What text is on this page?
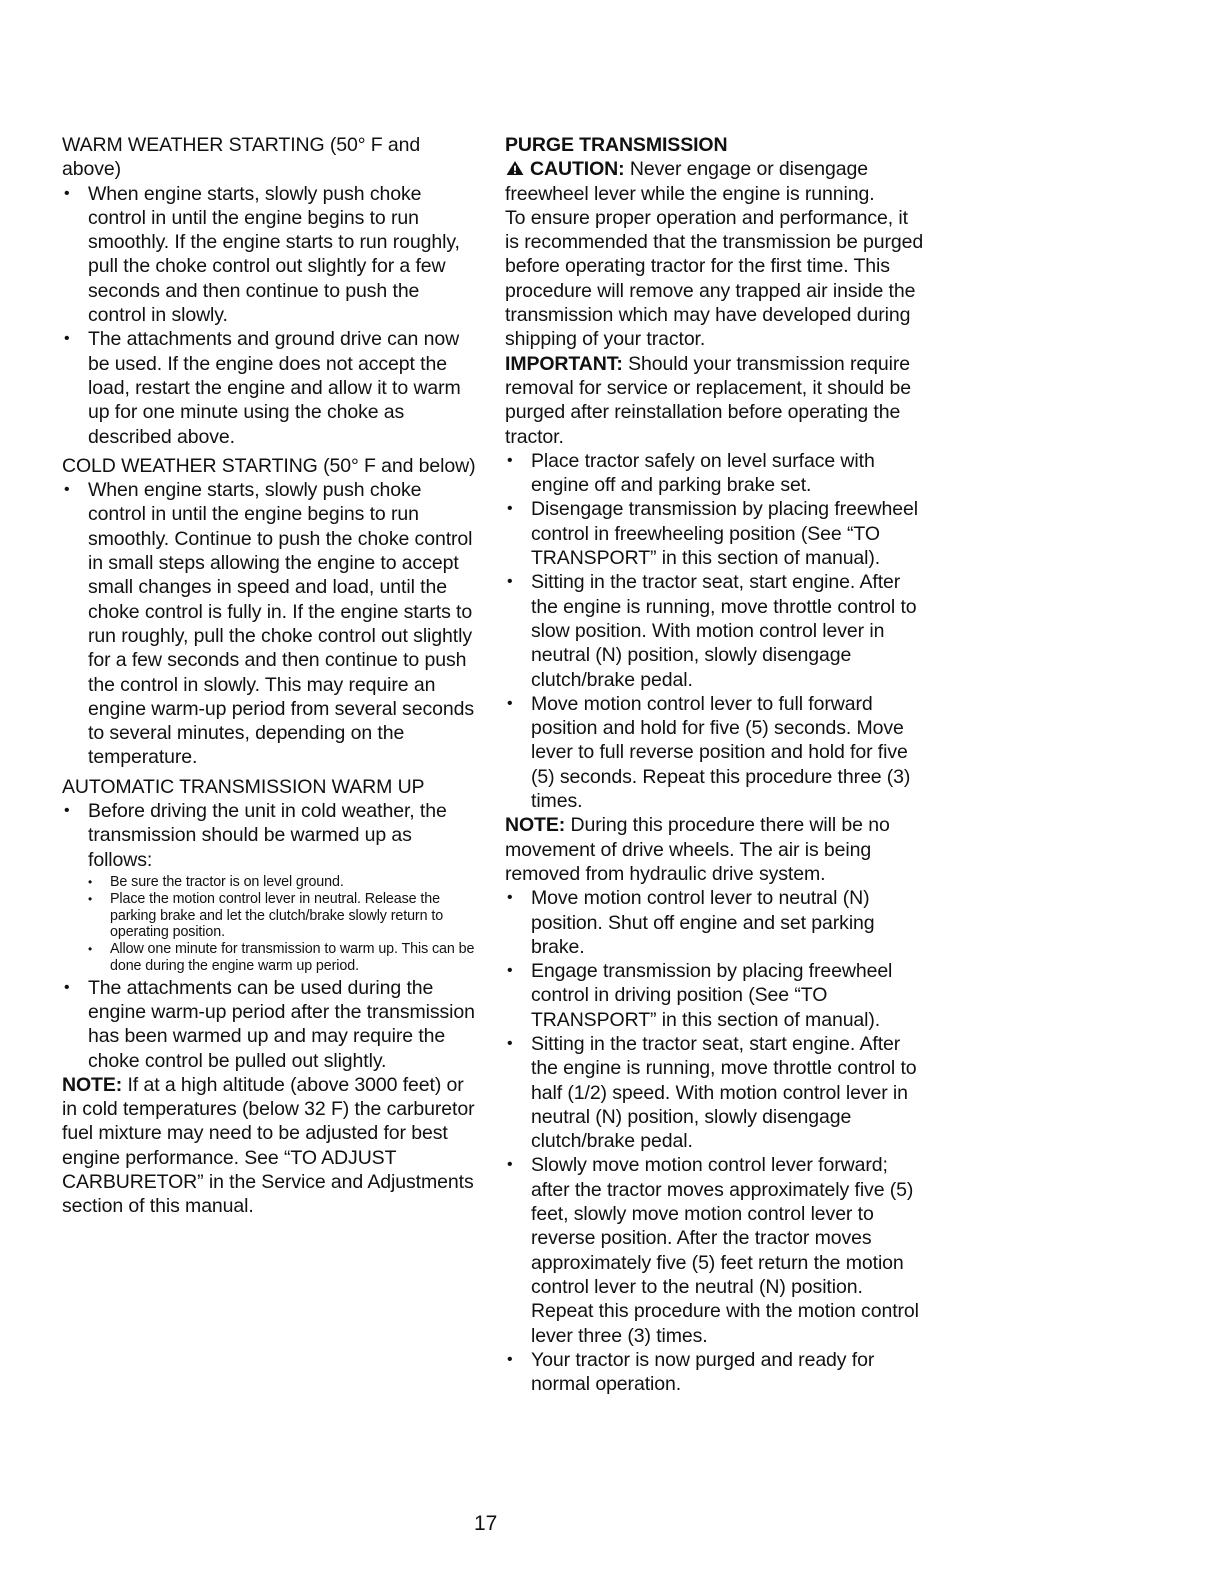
WARM WEATHER STARTING (50° F and above)

• When engine starts, slowly push choke control in until the engine begins to run smoothly. If the engine starts to run roughly, pull the choke control out slightly for a few seconds and then continue to push the control in slowly.
• The attachments and ground drive can now be used. If the engine does not accept the load, restart the engine and allow it to warm up for one minute using the choke as described above.

COLD WEATHER STARTING (50° F and below)

• When engine starts, slowly push choke control in until the engine begins to run smoothly. Continue to push the choke control in small steps allowing the engine to accept small changes in speed and load, until the choke control is fully in. If the engine starts to run roughly, pull the choke control out slightly for a few seconds and then continue to push the control in slowly. This may require an engine warm-up period from several seconds to several minutes, depending on the temperature.

AUTOMATIC TRANSMISSION WARM UP

• Before driving the unit in cold weather, the transmission should be warmed up as follows:
• Be sure the tractor is on level ground.
• Place the motion control lever in neutral. Release the parking brake and let the clutch/brake slowly return to operating position.
• Allow one minute for transmission to warm up. This can be done during the engine warm up period.
• The attachments can be used during the engine warm-up period after the transmission has been warmed up and may require the choke control be pulled out slightly.

NOTE: If at a high altitude (above 3000 feet) or in cold temperatures (below 32 F) the carburetor fuel mixture may need to be adjusted for best engine performance. See “TO ADJUST CARBURETOR” in the Service and Adjustments section of this manual.

PURGE TRANSMISSION

CAUTION: Never engage or disengage freewheel lever while the engine is running.

To ensure proper operation and performance, it is recommended that the transmission be purged before operating tractor for the first time. This procedure will remove any trapped air inside the transmission which may have developed during shipping of your tractor.

IMPORTANT: Should your transmission require removal for service or replacement, it should be purged after reinstallation before operating the tractor.

• Place tractor safely on level surface with engine off and parking brake set.
• Disengage transmission by placing freewheel control in freewheeling position (See “TO TRANSPORT” in this section of manual).
• Sitting in the tractor seat, start engine. After the engine is running, move throttle control to slow position. With motion control lever in neutral (N) position, slowly disengage clutch/brake pedal.
• Move motion control lever to full forward position and hold for five (5) seconds. Move lever to full reverse position and hold for five (5) seconds. Repeat this procedure three (3) times.

NOTE: During this procedure there will be no movement of drive wheels. The air is being removed from hydraulic drive system.

• Move motion control lever to neutral (N) position. Shut off engine and set parking brake.
• Engage transmission by placing freewheel control in driving position (See “TO TRANSPORT” in this section of manual).
• Sitting in the tractor seat, start engine. After the engine is running, move throttle control to half (1/2) speed. With motion control lever in neutral (N) position, slowly disengage clutch/brake pedal.
• Slowly move motion control lever forward; after the tractor moves approximately five (5) feet, slowly move motion control lever to reverse position. After the tractor moves approximately five (5) feet return the motion control lever to the neutral (N) position. Repeat this procedure with the motion control lever three (3) times.
• Your tractor is now purged and ready for normal operation.
17
